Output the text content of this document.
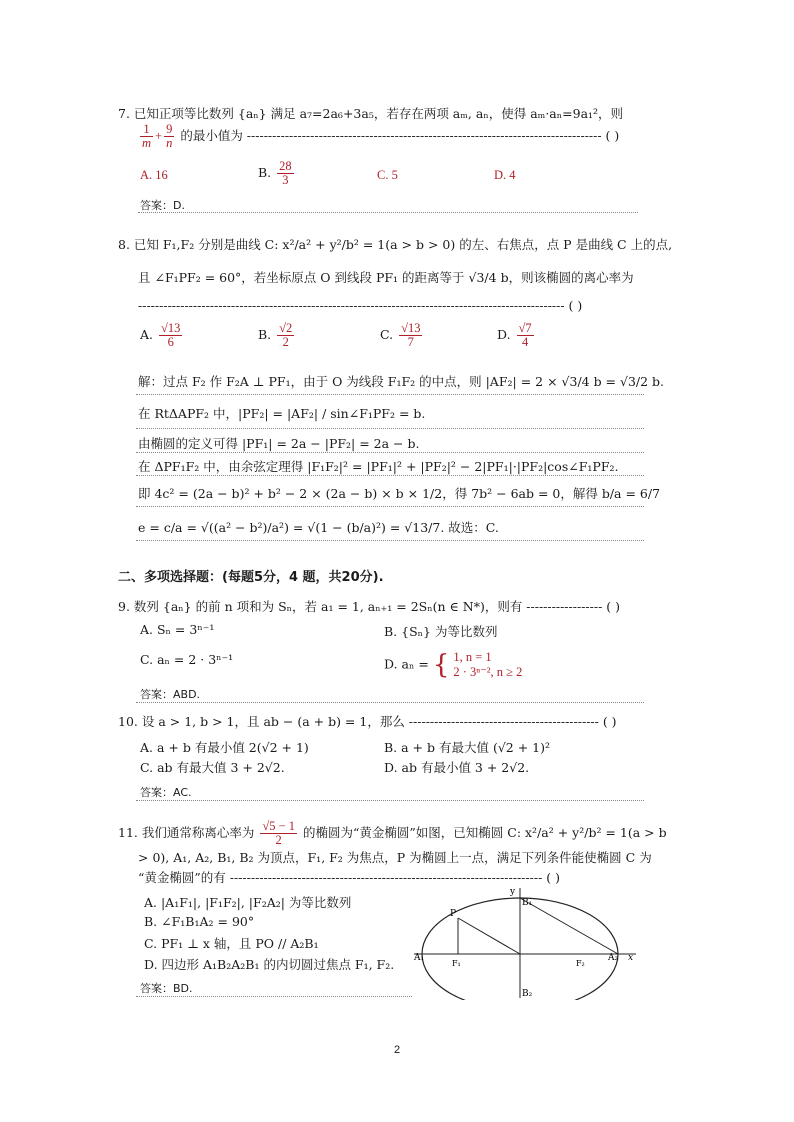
7. 已知正项等比数列 {aₙ} 满足 a₇=2a₆+3a₅，若存在两项 aₘ, aₙ，使得 aₘ·aₙ=9a₁²，则
$\frac{1}{m} + \frac{9}{n}$ 的最小值为 ------------------------------------------------------------------------------------ ( )
A. 16	B. $\frac{28}{3}$	C. 5	D. 4
答案：D.
8. 已知 F₁,F₂ 分别是曲线 C: x²/a² + y²/b² = 1(a > b > 0) 的左、右焦点，点 P 是曲线 C 上的点,
且 ∠F₁PF₂ = 60°，若坐标原点 O 到线段 PF₁ 的距离等于 √3/4 b，则该椭圆的离心率为
----------------------------------------------------------------------------------------------------- ( )
A. $\frac{√13}{6}$	B. $\frac{√2}{2}$	C. $\frac{√13}{7}$	D. $\frac{√7}{4}$
解：过点 F₂ 作 F₂A ⊥ PF₁，由于 O 为线段 F₁F₂ 的中点，则 |AF₂| = 2 × √3/4 b = √3/2 b.
在 RtΔAPF₂ 中，|PF₂| = |AF₂| / sin∠F₁PF₂ = b.
由椭圆的定义可得 |PF₁| = 2a − |PF₂| = 2a − b.
在 ΔPF₁F₂ 中，由余弦定理得 |F₁F₂|² = |PF₁|² + |PF₂|² − 2|PF₁|·|PF₂|cos∠F₁PF₂.
即 4c² = (2a − b)² + b² − 2 × (2a − b) × b × 1/2，得 7b² − 6ab = 0，解得 b/a = 6/7
e = c/a = √((a² − b²)/a²) = √(1 − (b/a)²) = √13/7. 故选：C.
二、多项选择题：(每题5分，4 题，共20分).
9. 数列 {aₙ} 的前 n 项和为 Sₙ，若 a₁ = 1, aₙ₊₁ = 2Sₙ(n ∈ N*)，则有 ------------------ ( )
A. Sₙ = 3ⁿ⁻¹	B. {Sₙ} 为等比数列
C. aₙ = 2 · 3ⁿ⁻¹	D. aₙ = { 1, n = 1
2 · 3ⁿ⁻², n ≥ 2
答案：ABD.
10. 设 a > 1, b > 1，且 ab − (a + b) = 1，那么 --------------------------------------------- ( )
A. a + b 有最小值 2(√2 + 1)	B. a + b 有最大值 (√2 + 1)²
C. ab 有最大值 3 + 2√2.	D. ab 有最小值 3 + 2√2.
答案：AC.
11. 我们通常称离心率为 $\frac{√5 - 1}{2}$ 的椭圆为“黄金椭圆”如图，已知椭圆 C: x²/a² + y²/b² = 1(a > b
> 0), A₁, A₂, B₁, B₂ 为顶点，F₁, F₂ 为焦点，P 为椭圆上一点，满足下列条件能使椭圆 C 为
“黄金椭圆”的有 -------------------------------------------------------------------------- ( )
A. |A₁F₁|, |F₁F₂|, |F₂A₂| 为等比数列
B. ∠F₁B₁A₂ = 90°
C. PF₁ ⊥ x 轴，且 PO // A₂B₁
D. 四边形 A₁B₂A₂B₁ 的内切圆过焦点 F₁, F₂.
答案：BD.
y
B₁
B₂
A₁	A₂
F₁	F₂
P
x
2
